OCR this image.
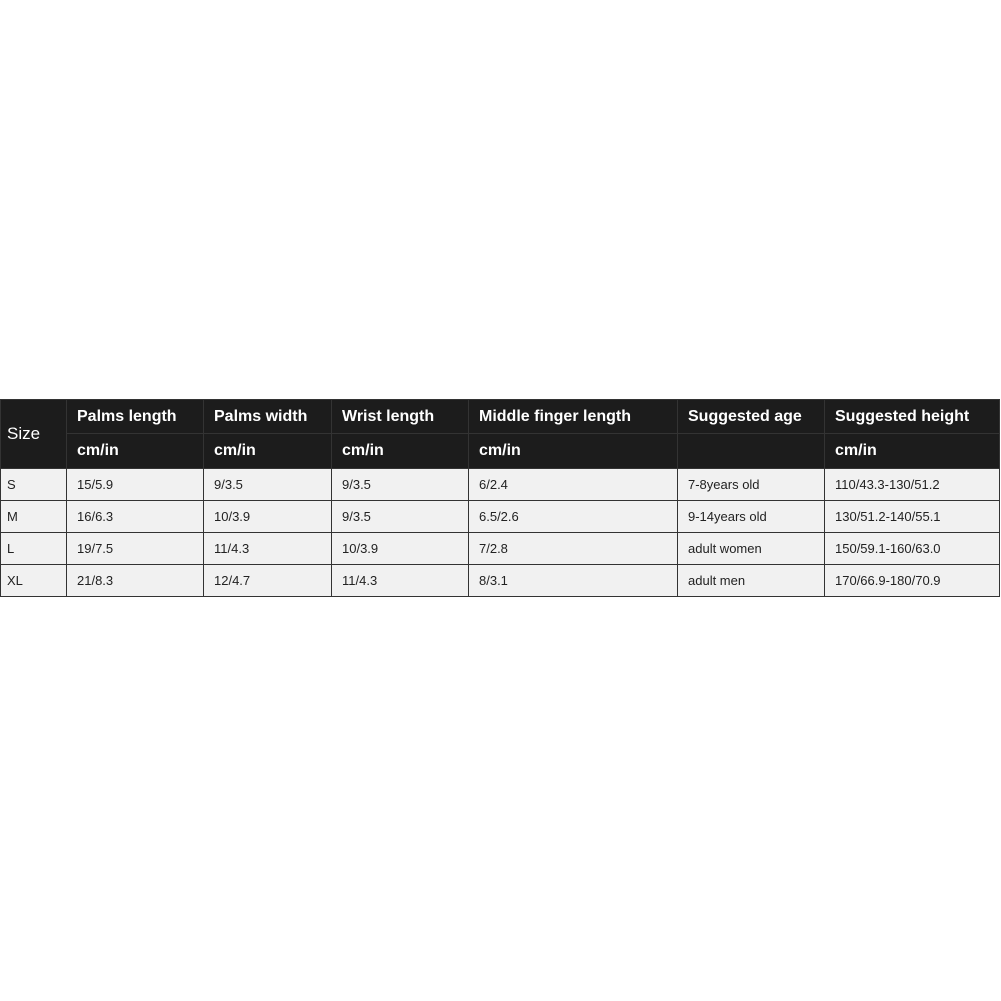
Size	Palms length	Palms width	Wrist length	Middle finger length	Suggested age	Suggested height
	cm/in	cm/in	cm/in	cm/in		cm/in
S	15/5.9	9/3.5	9/3.5	6/2.4	7-8years old	110/43.3-130/51.2
M	16/6.3	10/3.9	9/3.5	6.5/2.6	9-14years old	130/51.2-140/55.1
L	19/7.5	11/4.3	10/3.9	7/2.8	adult women	150/59.1-160/63.0
XL	21/8.3	12/4.7	11/4.3	8/3.1	adult men	170/66.9-180/70.9
